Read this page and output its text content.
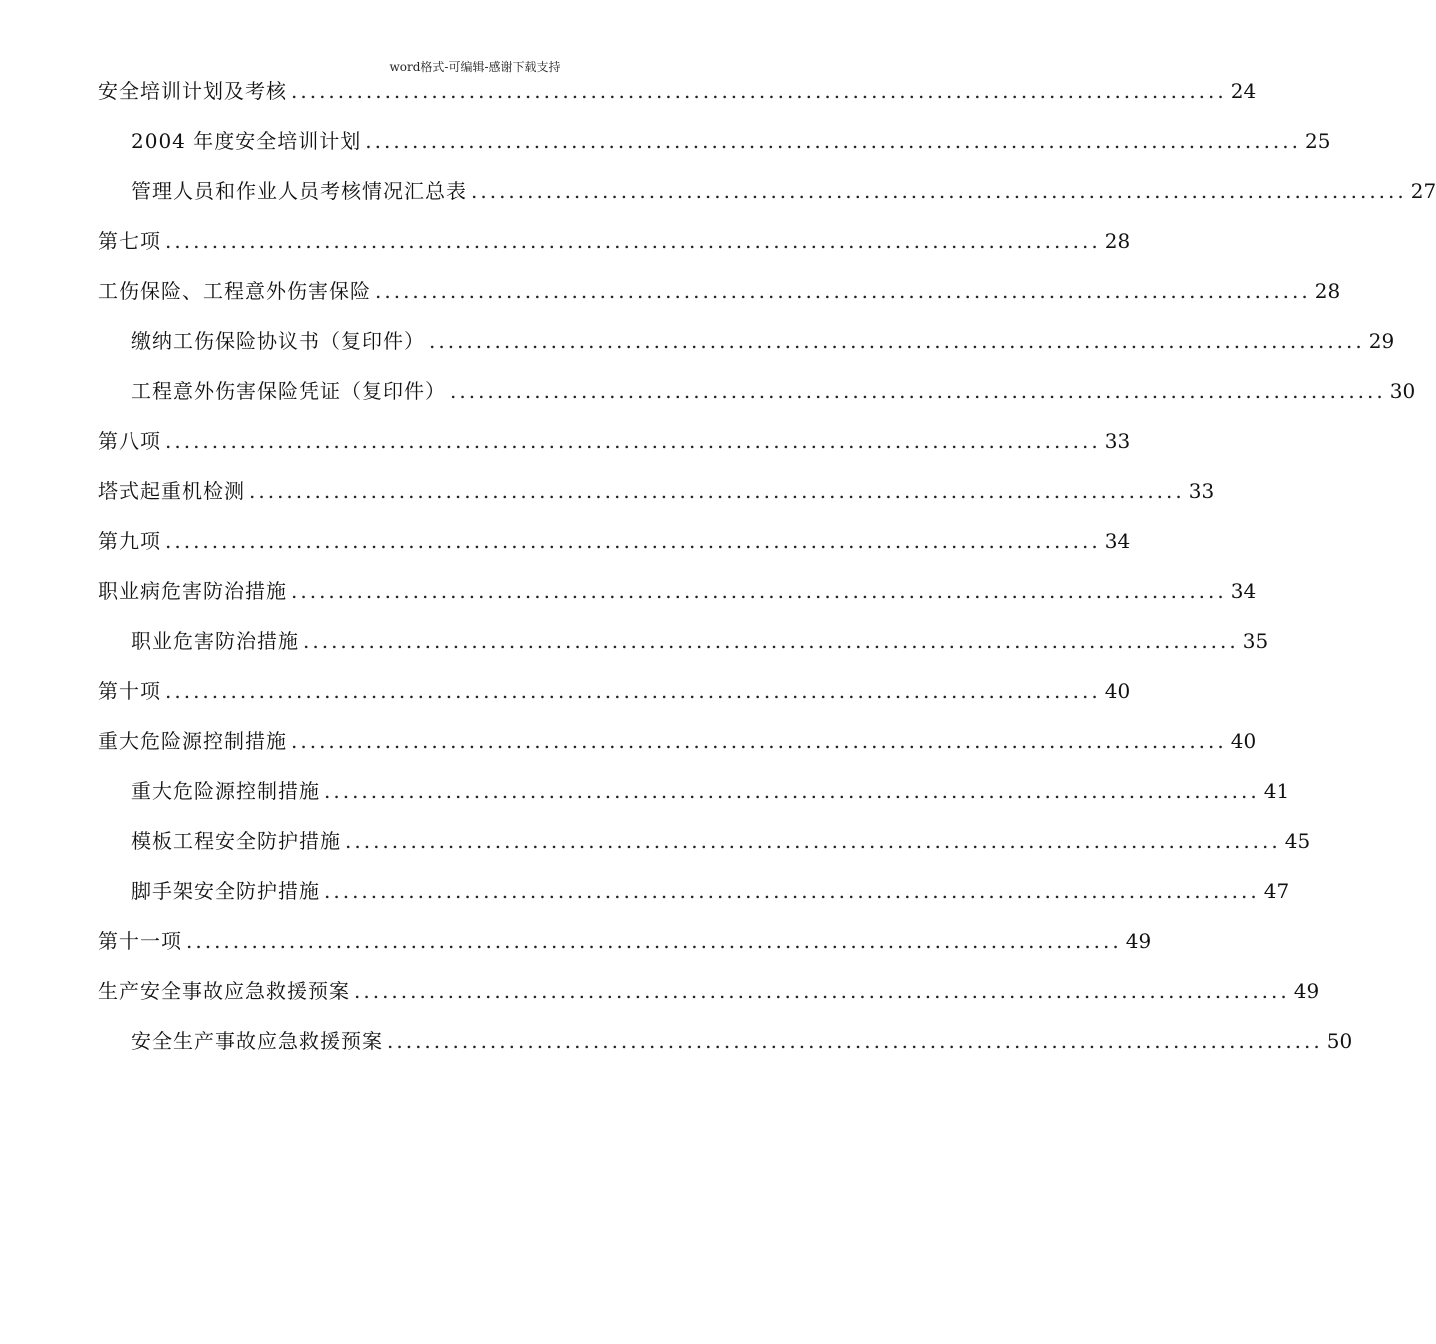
word格式-可编辑-感谢下载支持
安全培训计划及考核 .................................................................................................... 24
2004 年度安全培训计划 .................................................................................................... 25
管理人员和作业人员考核情况汇总表 .................................................................................................... 27
第七项 .................................................................................................... 28
工伤保险、工程意外伤害保险 .................................................................................................... 28
缴纳工伤保险协议书（复印件） .................................................................................................... 29
工程意外伤害保险凭证（复印件） .................................................................................................... 30
第八项 .................................................................................................... 33
塔式起重机检测 .................................................................................................... 33
第九项 .................................................................................................... 34
职业病危害防治措施 .................................................................................................... 34
职业危害防治措施 .................................................................................................... 35
第十项 .................................................................................................... 40
重大危险源控制措施 .................................................................................................... 40
重大危险源控制措施 .................................................................................................... 41
模板工程安全防护措施 .................................................................................................... 45
脚手架安全防护措施 .................................................................................................... 47
第十一项 .................................................................................................... 49
生产安全事故应急救援预案 .................................................................................................... 49
安全生产事故应急救援预案 .................................................................................................... 50
